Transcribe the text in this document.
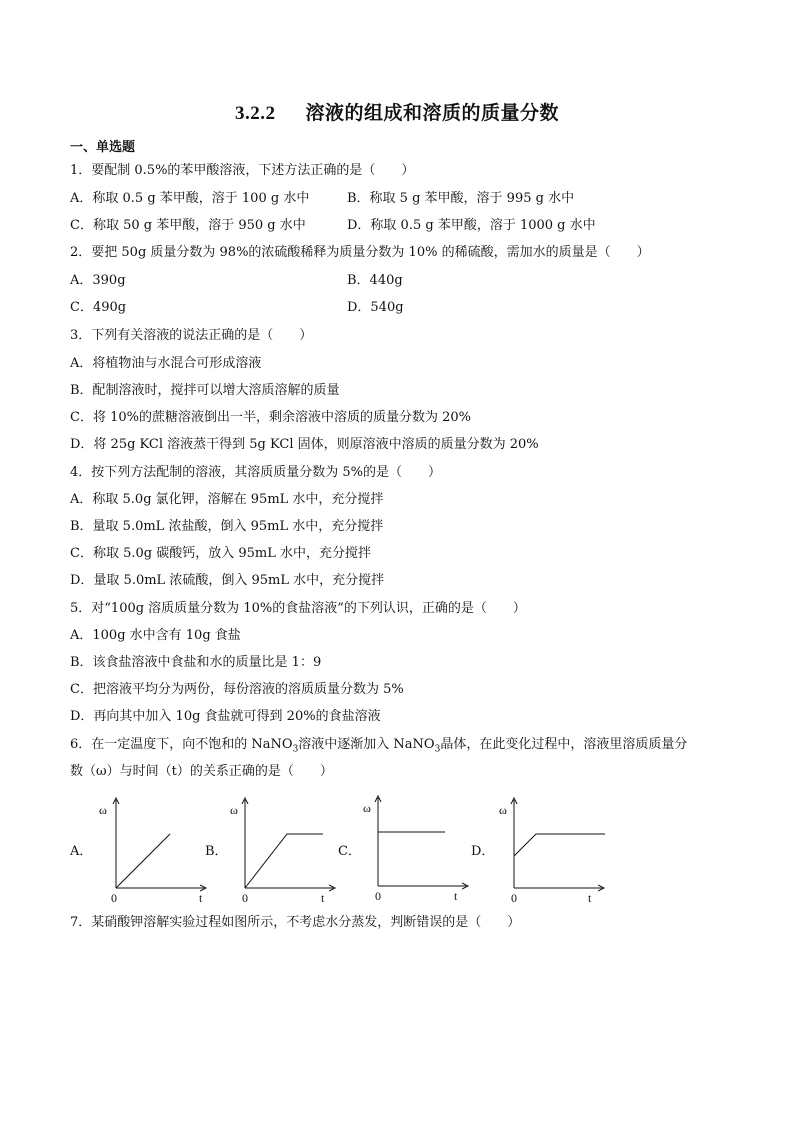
3.2.2 溶液的组成和溶质的质量分数
一、单选题
1．要配制 0.5%的苯甲酸溶液，下述方法正确的是（　　）
A．称取 0.5 g 苯甲酸，溶于 100 g 水中	B．称取 5 g 苯甲酸，溶于 995 g 水中
C．称取 50 g 苯甲酸，溶于 950 g 水中	D．称取 0.5 g 苯甲酸，溶于 1000 g 水中
2．要把 50g 质量分数为 98%的浓硫酸稀释为质量分数为 10% 的稀硫酸，需加水的质量是（　　）
A．390g	B．440g
C．490g	D．540g
3．下列有关溶液的说法正确的是（　　）
A．将植物油与水混合可形成溶液
B．配制溶液时，搅拌可以增大溶质溶解的质量
C．将 10%的蔗糖溶液倒出一半，剩余溶液中溶质的质量分数为 20%
D．将 25g KCl 溶液蒸干得到 5g KCl 固体，则原溶液中溶质的质量分数为 20%
4．按下列方法配制的溶液，其溶质质量分数为 5%的是（　　）
A．称取 5.0g 氯化钾，溶解在 95mL 水中，充分搅拌
B．量取 5.0mL 浓盐酸，倒入 95mL 水中，充分搅拌
C．称取 5.0g 碳酸钙，放入 95mL 水中，充分搅拌
D．量取 5.0mL 浓硫酸，倒入 95mL 水中，充分搅拌
5．对“100g 溶质质量分数为 10%的食盐溶液”的下列认识，正确的是（　　）
A．100g 水中含有 10g 食盐
B．该食盐溶液中食盐和水的质量比是 1：9
C．把溶液平均分为两份，每份溶液的溶质质量分数为 5%
D．再向其中加入 10g 食盐就可得到 20%的食盐溶液
6．在一定温度下，向不饱和的 NaNO$_3$溶液中逐渐加入 NaNO$_3$晶体，在此变化过程中，溶液里溶质质量分
数（ω）与时间（t）的关系正确的是（　　）
A．
ω
0	t
B．
ω
0	t
C．
ω
0	t
D．
ω
0	t
7．某硝酸钾溶解实验过程如图所示，不考虑水分蒸发，判断错误的是（　　）
